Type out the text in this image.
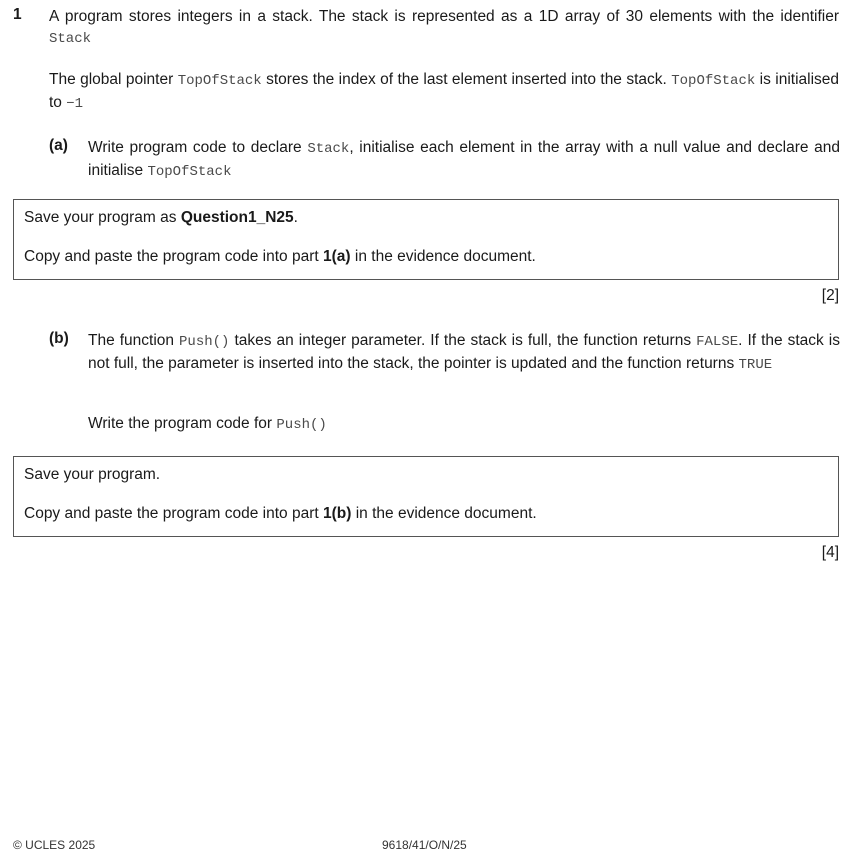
1 A program stores integers in a stack. The stack is represented as a 1D array of 30 elements with the identifier Stack
The global pointer TopOfStack stores the index of the last element inserted into the stack. TopOfStack is initialised to −1
(a) Write program code to declare Stack, initialise each element in the array with a null value and declare and initialise TopOfStack
Save your program as Question1_N25.
Copy and paste the program code into part 1(a) in the evidence document.
[2]
(b) The function Push() takes an integer parameter. If the stack is full, the function returns FALSE. If the stack is not full, the parameter is inserted into the stack, the pointer is updated and the function returns TRUE
Write the program code for Push()
Save your program.
Copy and paste the program code into part 1(b) in the evidence document.
[4]
© UCLES 2025	9618/41/O/N/25
